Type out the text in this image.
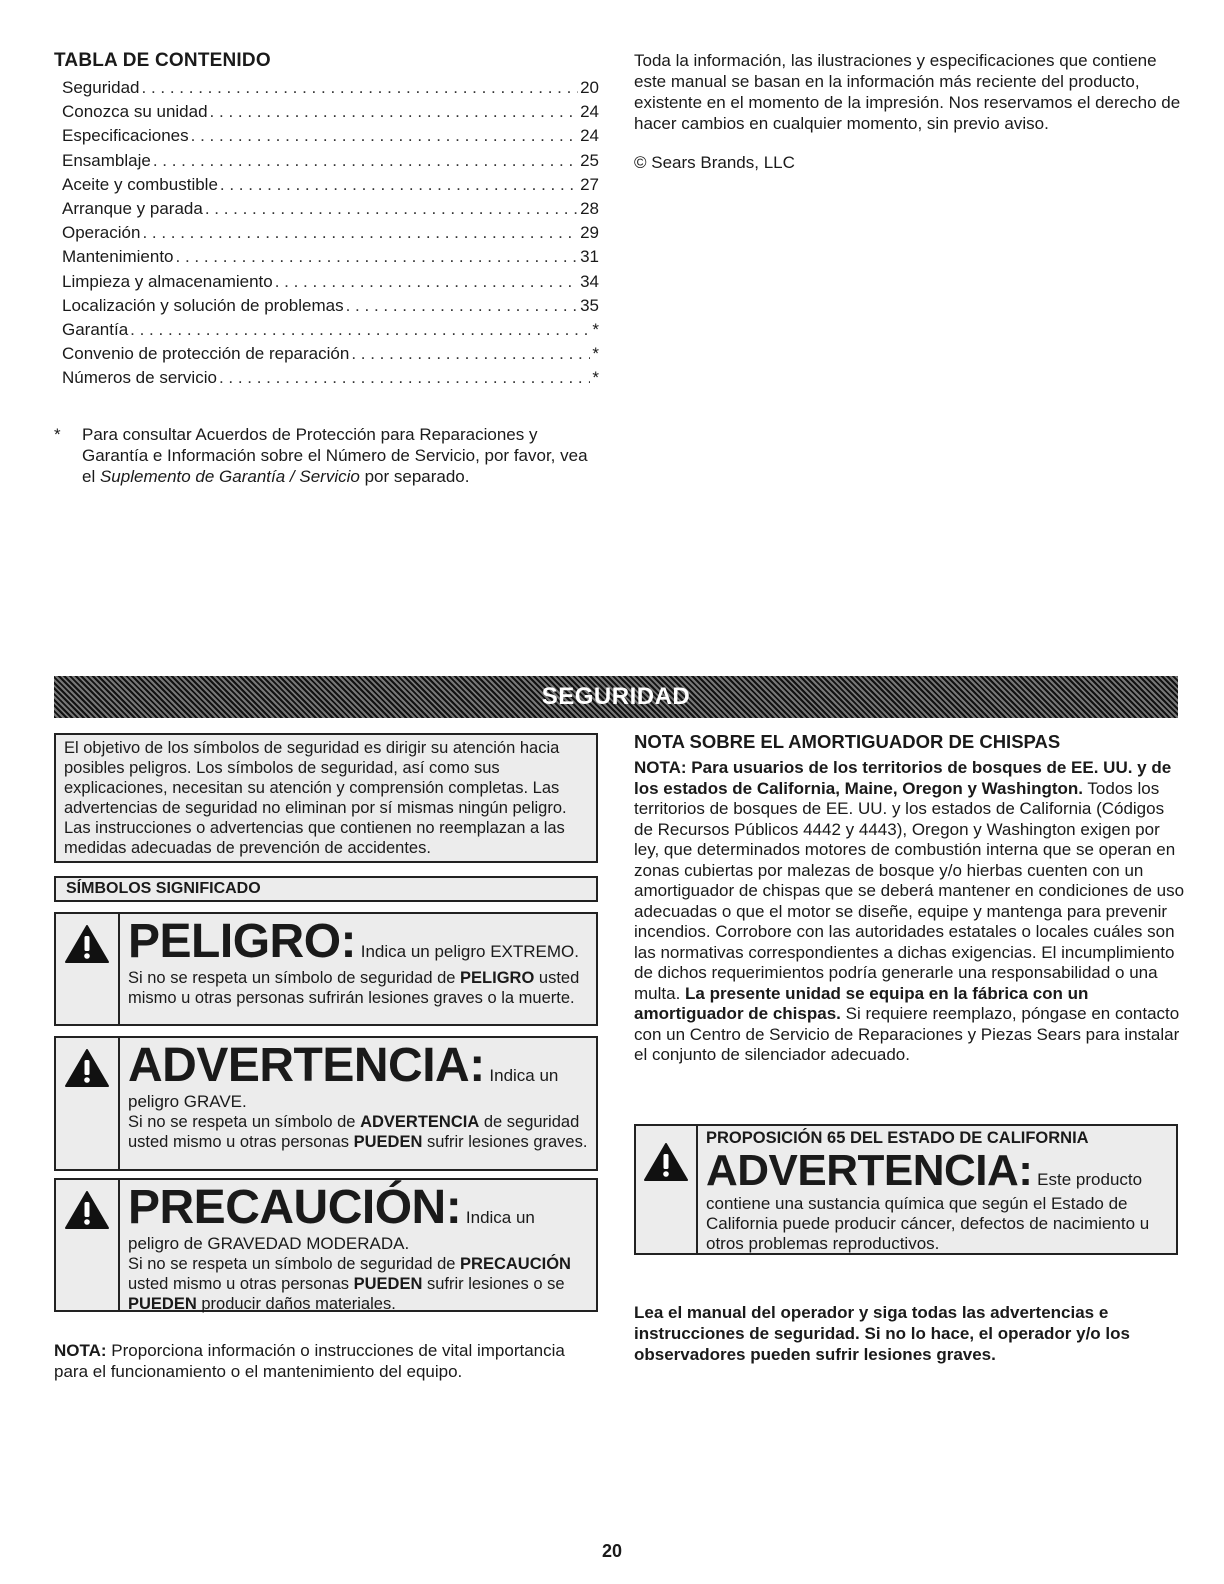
TABLA DE CONTENIDO
Seguridad . . .	20
Conozca su unidad . . .	24
Especificaciones . . .	24
Ensamblaje . . .	25
Aceite y combustible . . .	27
Arranque y parada . . .	28
Operación . . .	29
Mantenimiento . . .	31
Limpieza y almacenamiento . . .	34
Localización y solución de problemas . . .	35
Garantía . . .	*
Convenio de protección de reparación . . .	*
Números de servicio . . .	*
*	Para consultar Acuerdos de Protección para Reparaciones y Garantía e Información sobre el Número de Servicio, por favor, vea el Suplemento de Garantía / Servicio por separado.
Toda la información, las ilustraciones y especificaciones que contiene este manual se basan en la información más reciente del producto, existente en el momento de la impresión. Nos reservamos el derecho de hacer cambios en cualquier momento, sin previo aviso.
© Sears Brands, LLC
SEGURIDAD
El objetivo de los símbolos de seguridad es dirigir su atención hacia posibles peligros. Los símbolos de seguridad, así como sus explicaciones, necesitan su atención y comprensión completas. Las advertencias de seguridad no eliminan por sí mismas ningún peligro. Las instrucciones o advertencias que contienen no reemplazan a las medidas adecuadas de prevención de accidentes.
SÍMBOLOS SIGNIFICADO
PELIGRO: Indica un peligro EXTREMO.
Si no se respeta un símbolo de seguridad de PELIGRO usted mismo u otras personas sufrirán lesiones graves o la muerte.
ADVERTENCIA: Indica un peligro GRAVE.
Si no se respeta un símbolo de ADVERTENCIA de seguridad usted mismo u otras personas PUEDEN sufrir lesiones graves.
PRECAUCIÓN: Indica un peligro de GRAVEDAD MODERADA.
Si no se respeta un símbolo de seguridad de PRECAUCIÓN usted mismo u otras personas PUEDEN sufrir lesiones o se PUEDEN producir daños materiales.
NOTA: Proporciona información o instrucciones de vital importancia para el funcionamiento o el mantenimiento del equipo.
NOTA SOBRE EL AMORTIGUADOR DE CHISPAS
NOTA: Para usuarios de los territorios de bosques de EE. UU. y de los estados de California, Maine, Oregon y Washington. Todos los territorios de bosques de EE. UU. y los estados de California (Códigos de Recursos Públicos 4442 y 4443), Oregon y Washington exigen por ley, que determinados motores de combustión interna que se operan en zonas cubiertas por malezas de bosque y/o hierbas cuenten con un amortiguador de chispas que se deberá mantener en condiciones de uso adecuadas o que el motor se diseñe, equipe y mantenga para prevenir incendios. Corrobore con las autoridades estatales o locales cuáles son las normativas correspondientes a dichas exigencias. El incumplimiento de dichos requerimientos podría generarle una responsabilidad o una multa. La presente unidad se equipa en la fábrica con un amortiguador de chispas. Si requiere reemplazo, póngase en contacto con un Centro de Servicio de Reparaciones y Piezas Sears para instalar el conjunto de silenciador adecuado.
PROPOSICIÓN 65 DEL ESTADO DE CALIFORNIA
ADVERTENCIA: Este producto contiene una sustancia química que según el Estado de California puede producir cáncer, defectos de nacimiento u otros problemas reproductivos.
Lea el manual del operador y siga todas las advertencias e instrucciones de seguridad. Si no lo hace, el operador y/o los observadores pueden sufrir lesiones graves.
20
